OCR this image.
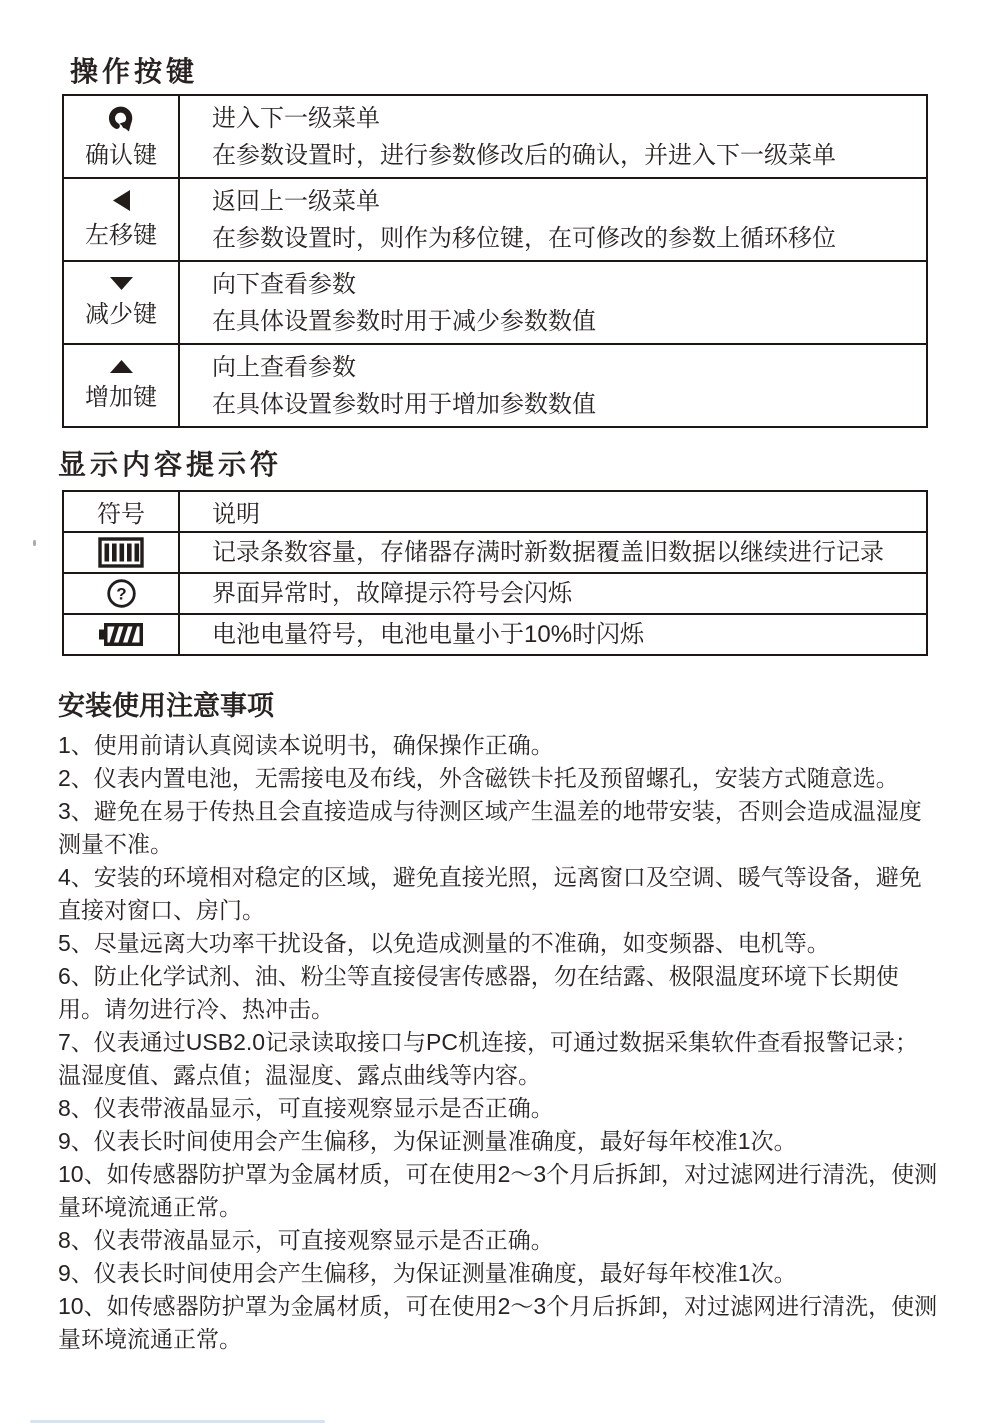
操作按键
确认键	进入下一级菜单
在参数设置时，进行参数修改后的确认，并进入下一级菜单

左移键	返回上一级菜单
在参数设置时，则作为移位键，在可修改的参数上循环移位

减少键	向下查看参数
在具体设置参数时用于减少参数数值

增加键	向上查看参数
在具体设置参数时用于增加参数数值
显示内容提示符
符号	说明
	记录条数容量，存储器存满时新数据覆盖旧数据以继续进行记录

?	界面异常时，故障提示符号会闪烁
	电池电量符号，电池电量小于10%时闪烁
安装使用注意事项

1、使用前请认真阅读本说明书，确保操作正确。

2、仪表内置电池，无需接电及布线，外含磁铁卡托及预留螺孔，安装方式随意选。

3、避免在易于传热且会直接造成与待测区域产生温差的地带安装，否则会造成温湿度测量不准。

4、安装的环境相对稳定的区域，避免直接光照，远离窗口及空调、暖气等设备，避免直接对窗口、房门。

5、尽量远离大功率干扰设备，以免造成测量的不准确，如变频器、电机等。

6、防止化学试剂、油、粉尘等直接侵害传感器，勿在结露、极限温度环境下长期使用。请勿进行冷、热冲击。

7、仪表通过USB2.0记录读取接口与PC机连接，可通过数据采集软件查看报警记录；温湿度值、露点值；温湿度、露点曲线等内容。

8、仪表带液晶显示，可直接观察显示是否正确。

9、仪表长时间使用会产生偏移，为保证测量准确度，最好每年校准1次。

10、如传感器防护罩为金属材质，可在使用2～3个月后拆卸，对过滤网进行清洗，使测量环境流通正常。

8、仪表带液晶显示，可直接观察显示是否正确。

9、仪表长时间使用会产生偏移，为保证测量准确度，最好每年校准1次。

10、如传感器防护罩为金属材质，可在使用2～3个月后拆卸，对过滤网进行清洗，使测量环境流通正常。
